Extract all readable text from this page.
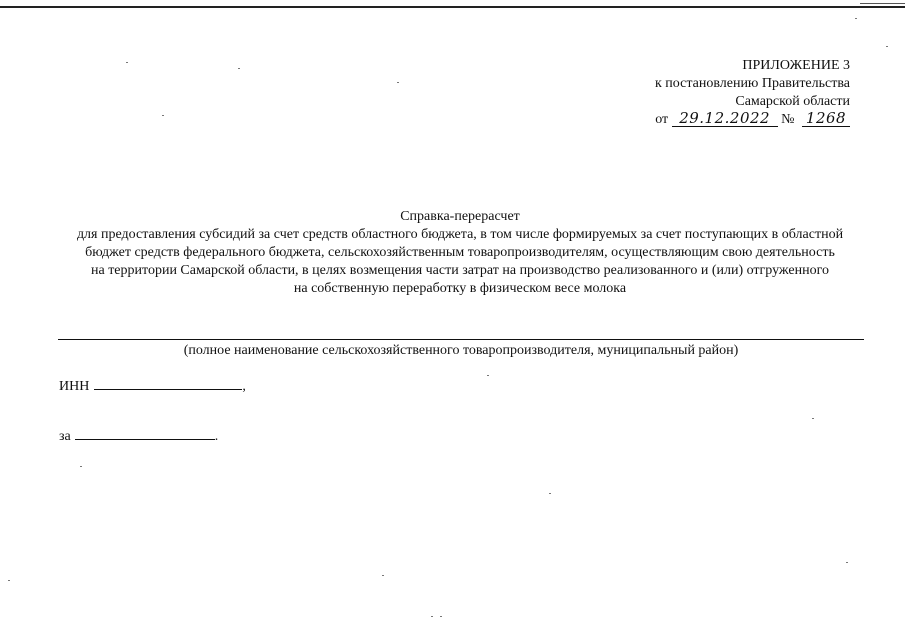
ПРИЛОЖЕНИЕ 3
к постановлению Правительства
Самарской области
от 29.12.2022 № 1268
Справка-перерасчет
для предоставления субсидий за счет средств областного бюджета, в том числе формируемых за счет поступающих в областной
бюджет средств федерального бюджета, сельскохозяйственным товаропроизводителям, осуществляющим свою деятельность
на территории Самарской области, в целях возмещения части затрат на производство реализованного и (или) отгруженного
на собственную переработку в физическом весе молока
(полное наименование сельскохозяйственного товаропроизводителя, муниципальный район)
ИНН	,
за	.
